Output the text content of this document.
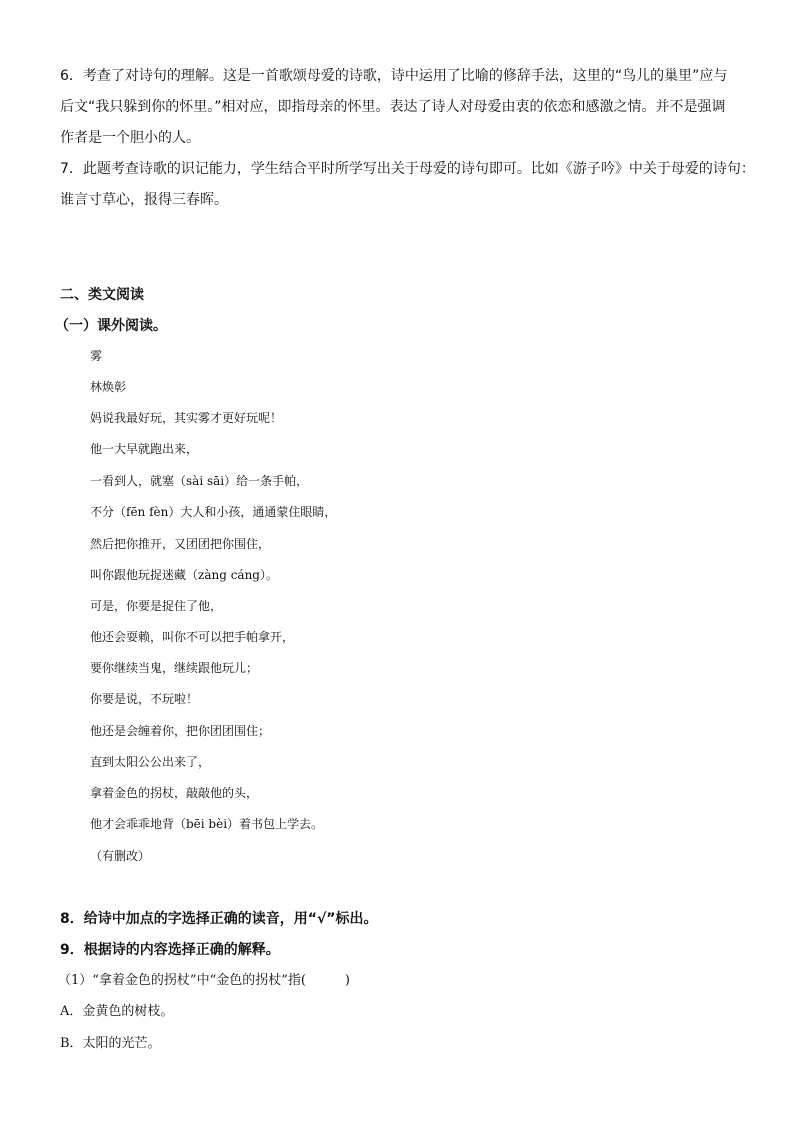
6．考查了对诗句的理解。这是一首歌颂母爱的诗歌，诗中运用了比喻的修辞手法，这里的“鸟儿的巢里”应与
后文“我只躲到你的怀里。”相对应，即指母亲的怀里。表达了诗人对母爱由衷的依恋和感激之情。并不是强调
作者是一个胆小的人。
7．此题考查诗歌的识记能力，学生结合平时所学写出关于母爱的诗句即可。比如《游子吟》中关于母爱的诗句：
谁言寸草心，报得三春晖。
二、类文阅读
（一）课外阅读。
雾
林焕彰
妈说我最好玩，其实雾才更好玩呢！
他一大早就跑出来，
一看到人，就塞（sài sāi）给一条手帕，
不分（fēn fèn）大人和小孩，通通蒙住眼睛，
然后把你推开，又团团把你围住，
叫你跟他玩捉迷藏（zàng cáng）。
可是，你要是捉住了他，
他还会耍赖，叫你不可以把手帕拿开，
要你继续当鬼，继续跟他玩儿；
你要是说，不玩啦！
他还是会缠着你，把你团团围住；
直到太阳公公出来了，
拿着金色的拐杖，敲敲他的头，
他才会乖乖地背（bēi bèi）着书包上学去。
（有删改）
8．给诗中加点的字选择正确的读音，用“√”标出。
9．根据诗的内容选择正确的解释。
（1）“拿着金色的拐杖”中“金色的拐杖”指(　　　)
A．金黄色的树枝。
B．太阳的光芒。
